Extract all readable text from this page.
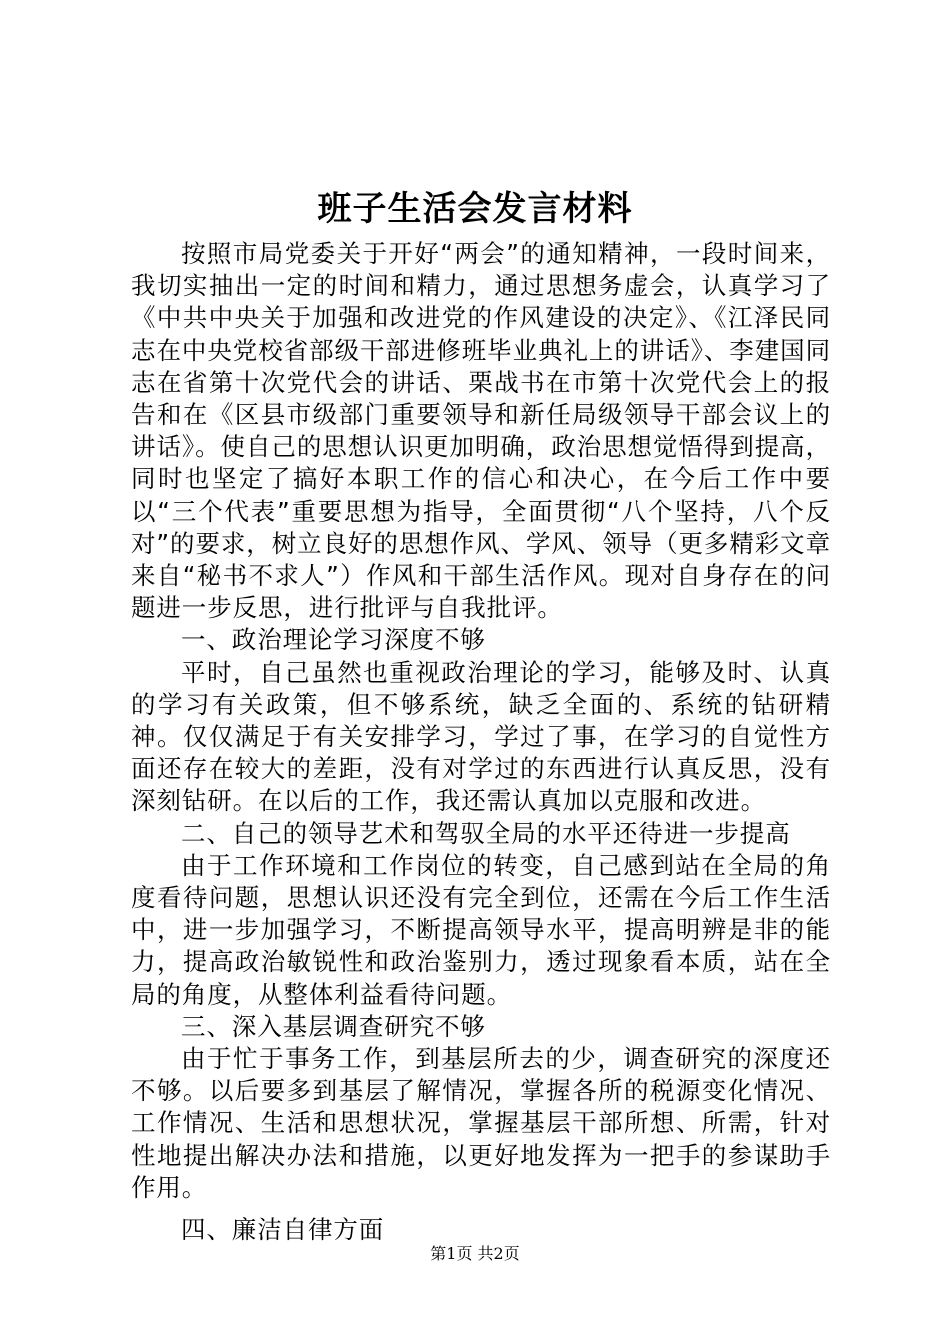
班子生活会发言材料

按照市局党委关于开好“两会”的通知精神，一段时间来，我切实抽出一定的时间和精力，通过思想务虚会，认真学习了《中共中央关于加强和改进党的作风建设的决定》、《江泽民同志在中央党校省部级干部进修班毕业典礼上的讲话》、李建国同志在省第十次党代会的讲话、栗战书在市第十次党代会上的报告和在《区县市级部门重要领导和新任局级领导干部会议上的讲话》。使自己的思想认识更加明确，政治思想觉悟得到提高，同时也坚定了搞好本职工作的信心和决心，在今后工作中要以“三个代表”重要思想为指导，全面贯彻“八个坚持，八个反对”的要求，树立良好的思想作风、学风、领导（更多精彩文章来自“秘书不求人”）作风和干部生活作风。现对自身存在的问题进一步反思，进行批评与自我批评。

一、政治理论学习深度不够

平时，自己虽然也重视政治理论的学习，能够及时、认真的学习有关政策，但不够系统，缺乏全面的、系统的钻研精神。仅仅满足于有关安排学习，学过了事，在学习的自觉性方面还存在较大的差距，没有对学过的东西进行认真反思，没有深刻钻研。在以后的工作，我还需认真加以克服和改进。

二、自己的领导艺术和驾驭全局的水平还待进一步提高

由于工作环境和工作岗位的转变，自己感到站在全局的角度看待问题，思想认识还没有完全到位，还需在今后工作生活中，进一步加强学习，不断提高领导水平，提高明辨是非的能力，提高政治敏锐性和政治鉴别力，透过现象看本质，站在全局的角度，从整体利益看待问题。

三、深入基层调查研究不够

由于忙于事务工作，到基层所去的少，调查研究的深度还不够。以后要多到基层了解情况，掌握各所的税源变化情况、工作情况、生活和思想状况，掌握基层干部所想、所需，针对性地提出解决办法和措施，以更好地发挥为一把手的参谋助手作用。

四、廉洁自律方面

第1页 共2页
